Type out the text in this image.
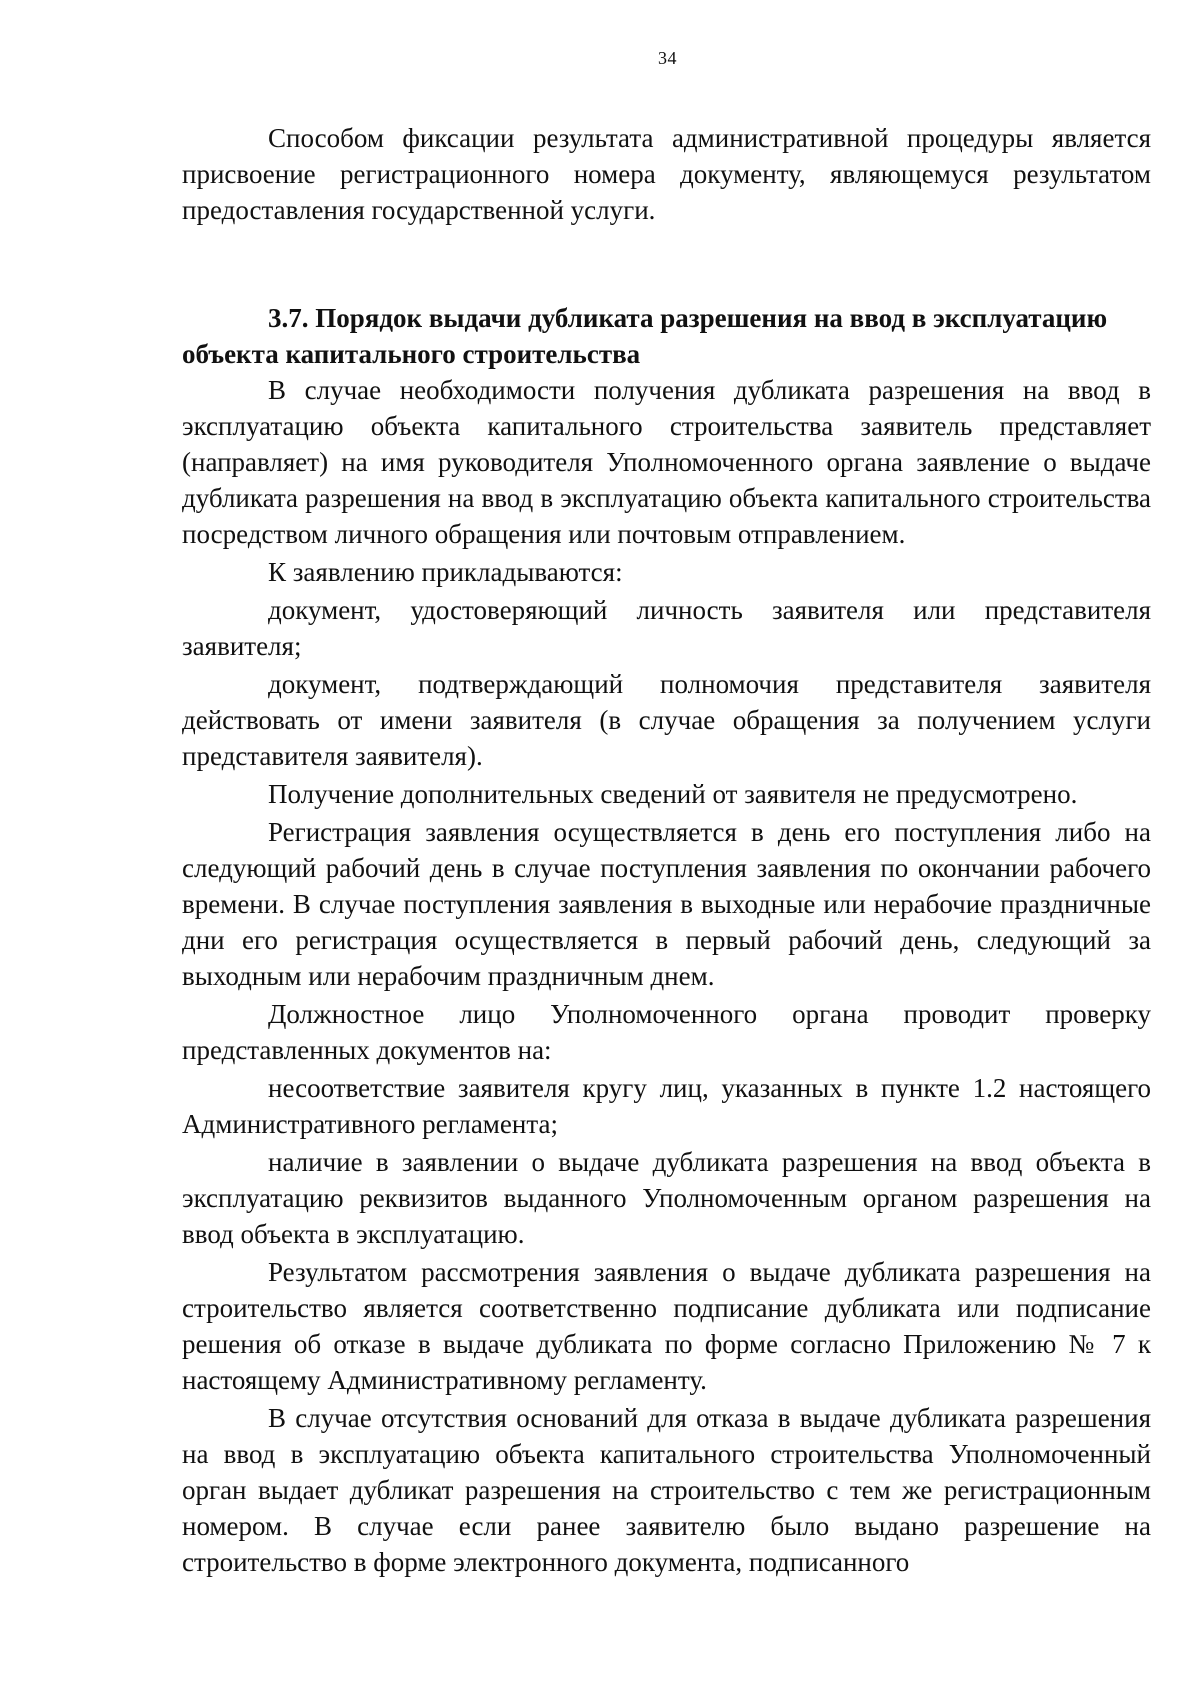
34

Способом фиксации результата административной процедуры является присвоение регистрационного номера документу, являющемуся результатом предоставления государственной услуги.

3.7. Порядок выдачи дубликата разрешения на ввод в эксплуатацию объекта капитального строительства

В случае необходимости получения дубликата разрешения на ввод в эксплуатацию объекта капитального строительства заявитель представляет (направляет) на имя руководителя Уполномоченного органа заявление о выдаче дубликата разрешения на ввод в эксплуатацию объекта капитального строительства посредством личного обращения или почтовым отправлением.

К заявлению прикладываются:

документ, удостоверяющий личность заявителя или представителя заявителя;

документ, подтверждающий полномочия представителя заявителя действовать от имени заявителя (в случае обращения за получением услуги представителя заявителя).

Получение дополнительных сведений от заявителя не предусмотрено.

Регистрация заявления осуществляется в день его поступления либо на следующий рабочий день в случае поступления заявления по окончании рабочего времени. В случае поступления заявления в выходные или нерабочие праздничные дни его регистрация осуществляется в первый рабочий день, следующий за выходным или нерабочим праздничным днем.

Должностное лицо Уполномоченного органа проводит проверку представленных документов на:

несоответствие заявителя кругу лиц, указанных в пункте 1.2 настоящего Административного регламента;

наличие в заявлении о выдаче дубликата разрешения на ввод объекта в эксплуатацию реквизитов выданного Уполномоченным органом разрешения на ввод объекта в эксплуатацию.

Результатом рассмотрения заявления о выдаче дубликата разрешения на строительство является соответственно подписание дубликата или подписание решения об отказе в выдаче дубликата по форме согласно Приложению № 7 к настоящему Административному регламенту.

В случае отсутствия оснований для отказа в выдаче дубликата разрешения на ввод в эксплуатацию объекта капитального строительства Уполномоченный орган выдает дубликат разрешения на строительство с тем же регистрационным номером. В случае если ранее заявителю было выдано разрешение на строительство в форме электронного документа, подписанного
